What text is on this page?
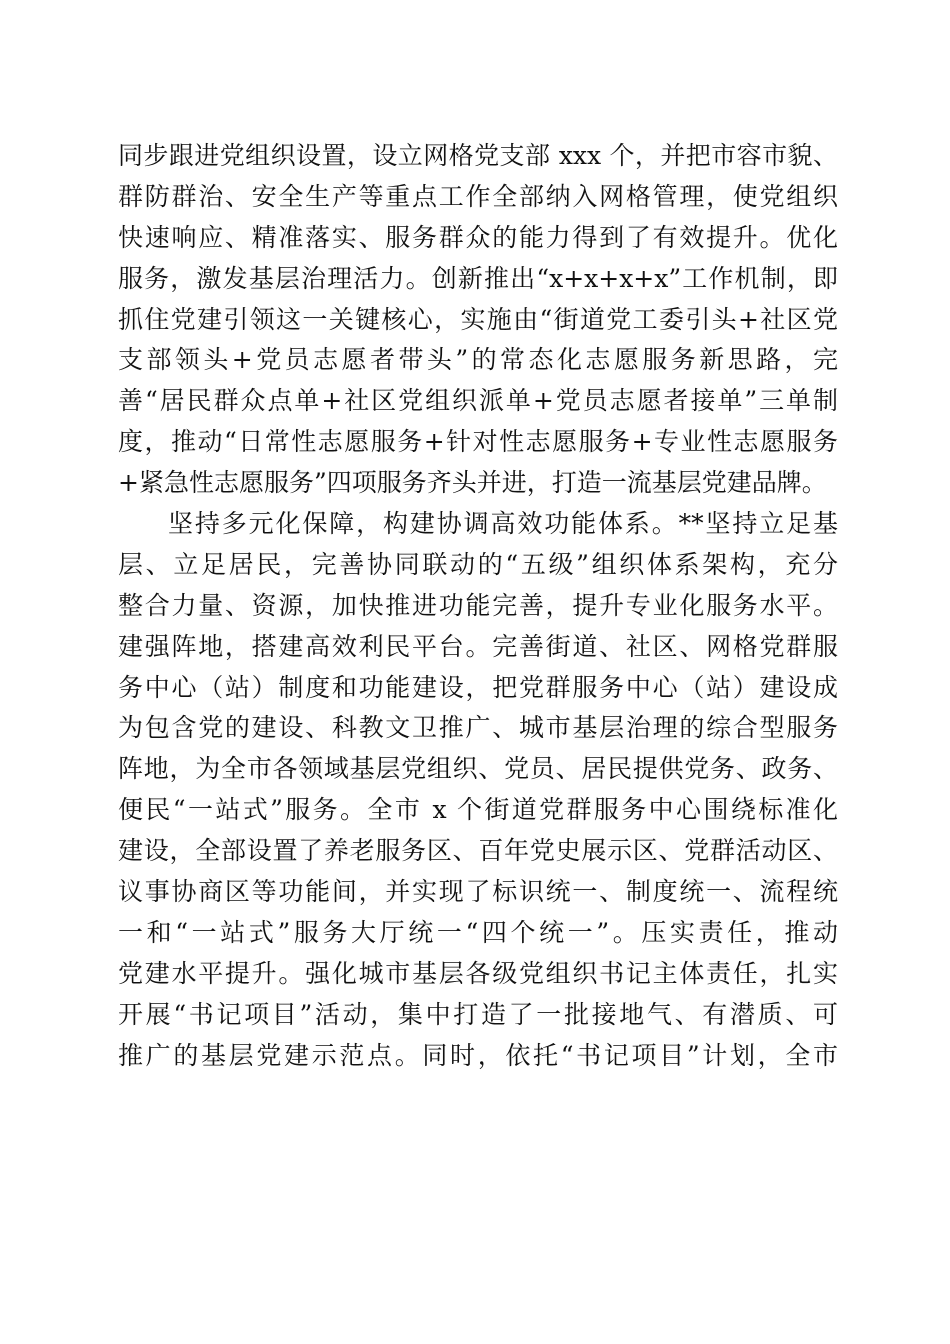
同步跟进党组织设置，设立网格党支部 xxx 个，并把市容市貌、
群防群治、安全生产等重点工作全部纳入网格管理，使党组织
快速响应、精准落实、服务群众的能力得到了有效提升。优化
服务，激发基层治理活力。创新推出“x+x+x+x”工作机制，即
抓住党建引领这一关键核心，实施由“街道党工委引头+社区党
支部领头+党员志愿者带头”的常态化志愿服务新思路，完
善“居民群众点单+社区党组织派单+党员志愿者接单”三单制
度，推动“日常性志愿服务+针对性志愿服务+专业性志愿服务
+紧急性志愿服务”四项服务齐头并进，打造一流基层党建品牌。
坚持多元化保障，构建协调高效功能体系。**坚持立足基
层、立足居民，完善协同联动的“五级”组织体系架构，充分
整合力量、资源，加快推进功能完善，提升专业化服务水平。
建强阵地，搭建高效利民平台。完善街道、社区、网格党群服
务中心（站）制度和功能建设，把党群服务中心（站）建设成
为包含党的建设、科教文卫推广、城市基层治理的综合型服务
阵地，为全市各领域基层党组织、党员、居民提供党务、政务、
便民“一站式”服务。全市 x 个街道党群服务中心围绕标准化
建设，全部设置了养老服务区、百年党史展示区、党群活动区、
议事协商区等功能间，并实现了标识统一、制度统一、流程统
一和“一站式”服务大厅统一“四个统一”。压实责任，推动
党建水平提升。强化城市基层各级党组织书记主体责任，扎实
开展“书记项目”活动，集中打造了一批接地气、有潜质、可
推广的基层党建示范点。同时，依托“书记项目”计划，全市
